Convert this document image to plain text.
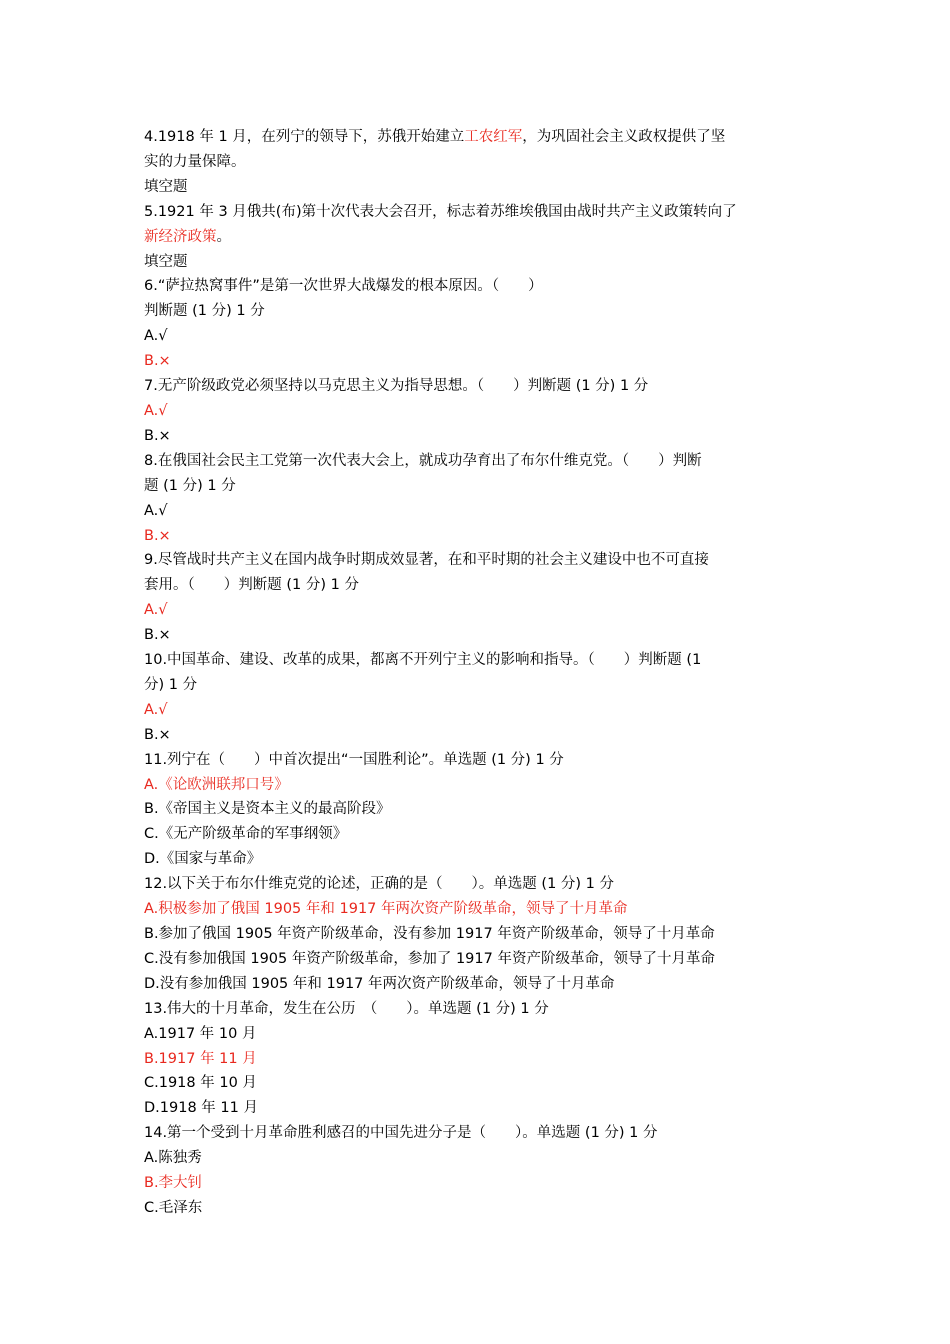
4.1918 年 1 月，在列宁的领导下，苏俄开始建立工农红军，为巩固社会主义政权提供了坚
实的力量保障。
填空题
5.1921 年 3 月俄共(布)第十次代表大会召开，标志着苏维埃俄国由战时共产主义政策转向了
新经济政策。
填空题
6.“萨拉热窝事件”是第一次世界大战爆发的根本原因。（　　）
判断题 (1 分) 1 分
A.√
B.×
7.无产阶级政党必须坚持以马克思主义为指导思想。（　　）判断题 (1 分) 1 分
A.√
B.×
8.在俄国社会民主工党第一次代表大会上，就成功孕育出了布尔什维克党。（　　）判断
题 (1 分) 1 分
A.√
B.×
9.尽管战时共产主义在国内战争时期成效显著，在和平时期的社会主义建设中也不可直接
套用。（　　）判断题 (1 分) 1 分
A.√
B.×
10.中国革命、建设、改革的成果，都离不开列宁主义的影响和指导。（　　）判断题 (1
分) 1 分
A.√
B.×
11.列宁在（　　）中首次提出“一国胜利论”。单选题 (1 分) 1 分
A.《论欧洲联邦口号》
B.《帝国主义是资本主义的最高阶段》
C.《无产阶级革命的军事纲领》
D.《国家与革命》
12.以下关于布尔什维克党的论述，正确的是（　　）。单选题 (1 分) 1 分
A.积极参加了俄国 1905 年和 1917 年两次资产阶级革命，领导了十月革命
B.参加了俄国 1905 年资产阶级革命，没有参加 1917 年资产阶级革命，领导了十月革命
C.没有参加俄国 1905 年资产阶级革命，参加了 1917 年资产阶级革命，领导了十月革命
D.没有参加俄国 1905 年和 1917 年两次资产阶级革命，领导了十月革命
13.伟大的十月革命，发生在公历　（　　）。单选题 (1 分) 1 分
A.1917 年 10 月
B.1917 年 11 月
C.1918 年 10 月
D.1918 年 11 月
14.第一个受到十月革命胜利感召的中国先进分子是（　　）。单选题 (1 分) 1 分
A.陈独秀
B.李大钊
C.毛泽东
